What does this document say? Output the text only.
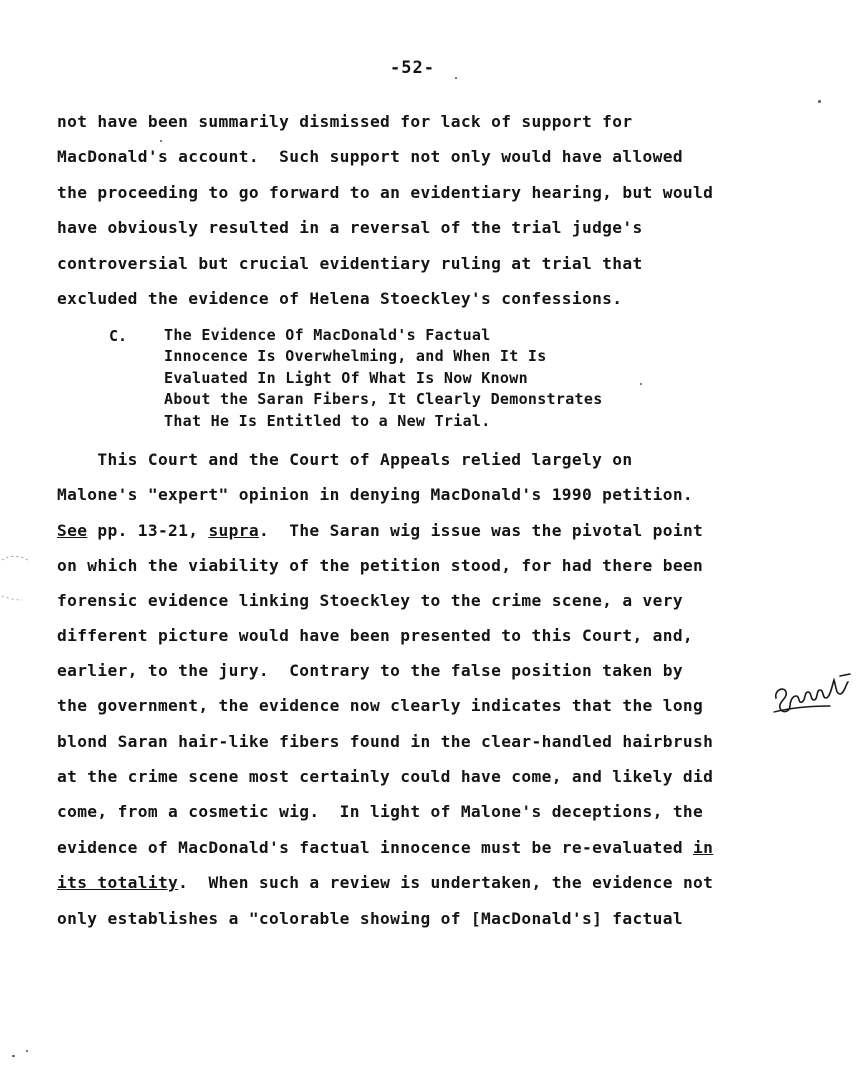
-52-
not have been summarily dismissed for lack of support for
MacDonald's account.  Such support not only would have allowed
the proceeding to go forward to an evidentiary hearing, but would
have obviously resulted in a reversal of the trial judge's
controversial but crucial evidentiary ruling at trial that
excluded the evidence of Helena Stoeckley's confessions.
C. The Evidence Of MacDonald's Factual
Innocence Is Overwhelming, and When It Is
Evaluated In Light Of What Is Now Known
About the Saran Fibers, It Clearly Demonstrates
That He Is Entitled to a New Trial.
This Court and the Court of Appeals relied largely on
Malone's "expert" opinion in denying MacDonald's 1990 petition.
See pp. 13-21, supra.  The Saran wig issue was the pivotal point
on which the viability of the petition stood, for had there been
forensic evidence linking Stoeckley to the crime scene, a very
different picture would have been presented to this Court, and,
earlier, to the jury.  Contrary to the false position taken by
the government, the evidence now clearly indicates that the long
blond Saran hair-like fibers found in the clear-handled hairbrush
at the crime scene most certainly could have come, and likely did
come, from a cosmetic wig.  In light of Malone's deceptions, the
evidence of MacDonald's factual innocence must be re-evaluated in
its totality.  When such a review is undertaken, the evidence not
only establishes a "colorable showing of [MacDonald's] factual
